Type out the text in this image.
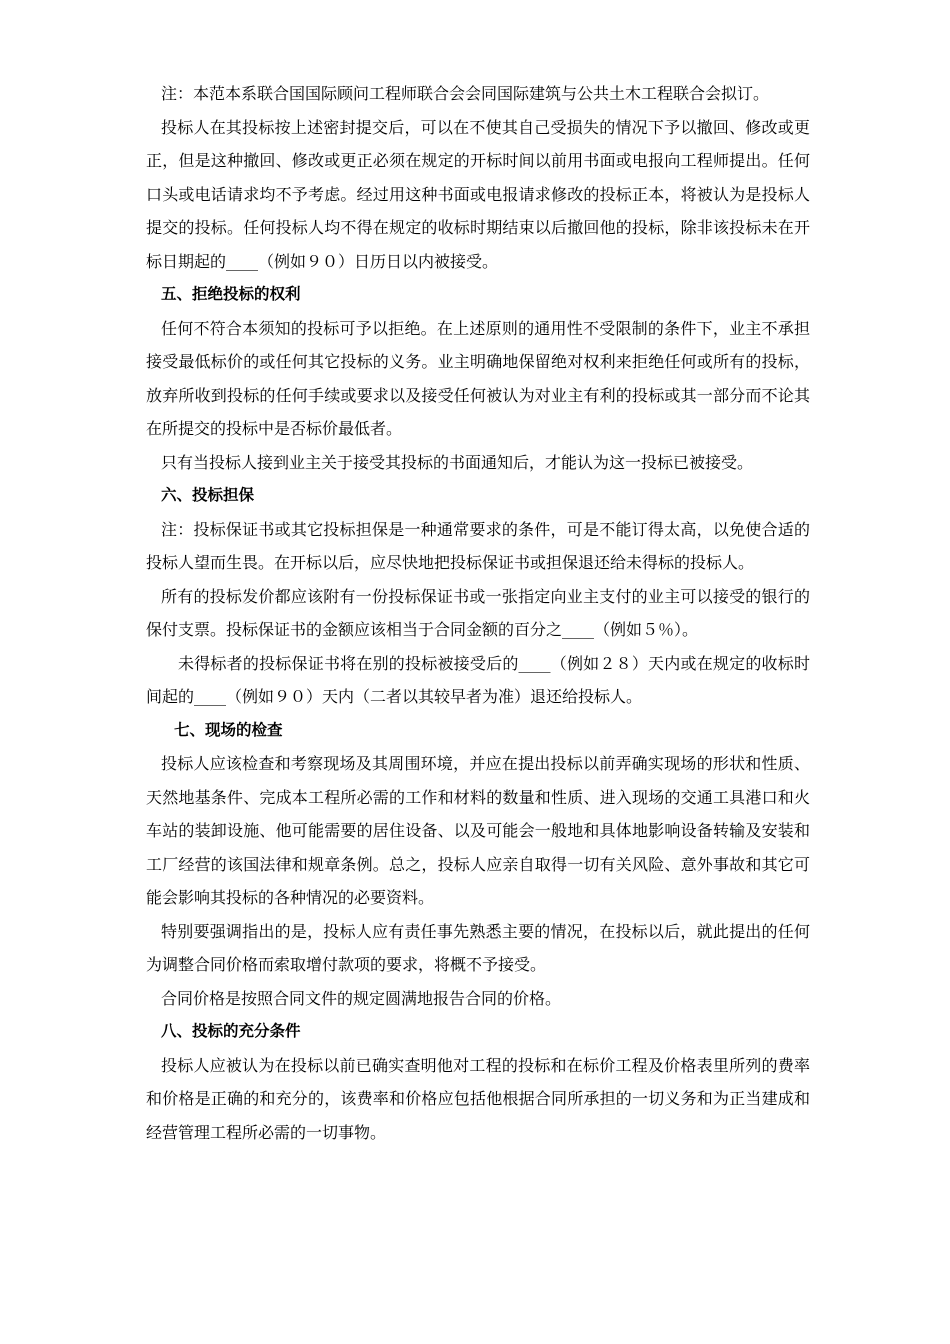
注：本范本系联合国国际顾问工程师联合会会同国际建筑与公共土木工程联合会拟订。

投标人在其投标按上述密封提交后，可以在不使其自己受损失的情况下予以撤回、修改或更正，但是这种撤回、修改或更正必须在规定的开标时间以前用书面或电报向工程师提出。任何口头或电话请求均不予考虑。经过用这种书面或电报请求修改的投标正本，将被认为是投标人提交的投标。任何投标人均不得在规定的收标时期结束以后撤回他的投标，除非该投标未在开标日期起的____（例如９０）日历日以内被接受。

五、拒绝投标的权利

任何不符合本须知的投标可予以拒绝。在上述原则的通用性不受限制的条件下，业主不承担接受最低标价的或任何其它投标的义务。业主明确地保留绝对权利来拒绝任何或所有的投标，放弃所收到投标的任何手续或要求以及接受任何被认为对业主有利的投标或其一部分而不论其在所提交的投标中是否标价最低者。

只有当投标人接到业主关于接受其投标的书面通知后，才能认为这一投标已被接受。

六、投标担保

注：投标保证书或其它投标担保是一种通常要求的条件，可是不能订得太高，以免使合适的投标人望而生畏。在开标以后，应尽快地把投标保证书或担保退还给未得标的投标人。

所有的投标发价都应该附有一份投标保证书或一张指定向业主支付的业主可以接受的银行的保付支票。投标保证书的金额应该相当于合同金额的百分之____（例如５％）。

未得标者的投标保证书将在别的投标被接受后的____（例如２８）天内或在规定的收标时间起的____（例如９０）天内（二者以其较早者为准）退还给投标人。

七、现场的检查

投标人应该检查和考察现场及其周围环境，并应在提出投标以前弄确实现场的形状和性质、天然地基条件、完成本工程所必需的工作和材料的数量和性质、进入现场的交通工具港口和火车站的装卸设施、他可能需要的居住设备、以及可能会一般地和具体地影响设备转输及安装和工厂经营的该国法律和规章条例。总之，投标人应亲自取得一切有关风险、意外事故和其它可能会影响其投标的各种情况的必要资料。

特别要强调指出的是，投标人应有责任事先熟悉主要的情况，在投标以后，就此提出的任何为调整合同价格而索取增付款项的要求，将概不予接受。

合同价格是按照合同文件的规定圆满地报告合同的价格。

八、投标的充分条件

投标人应被认为在投标以前已确实查明他对工程的投标和在标价工程及价格表里所列的费率和价格是正确的和充分的，该费率和价格应包括他根据合同所承担的一切义务和为正当建成和经营管理工程所必需的一切事物。
